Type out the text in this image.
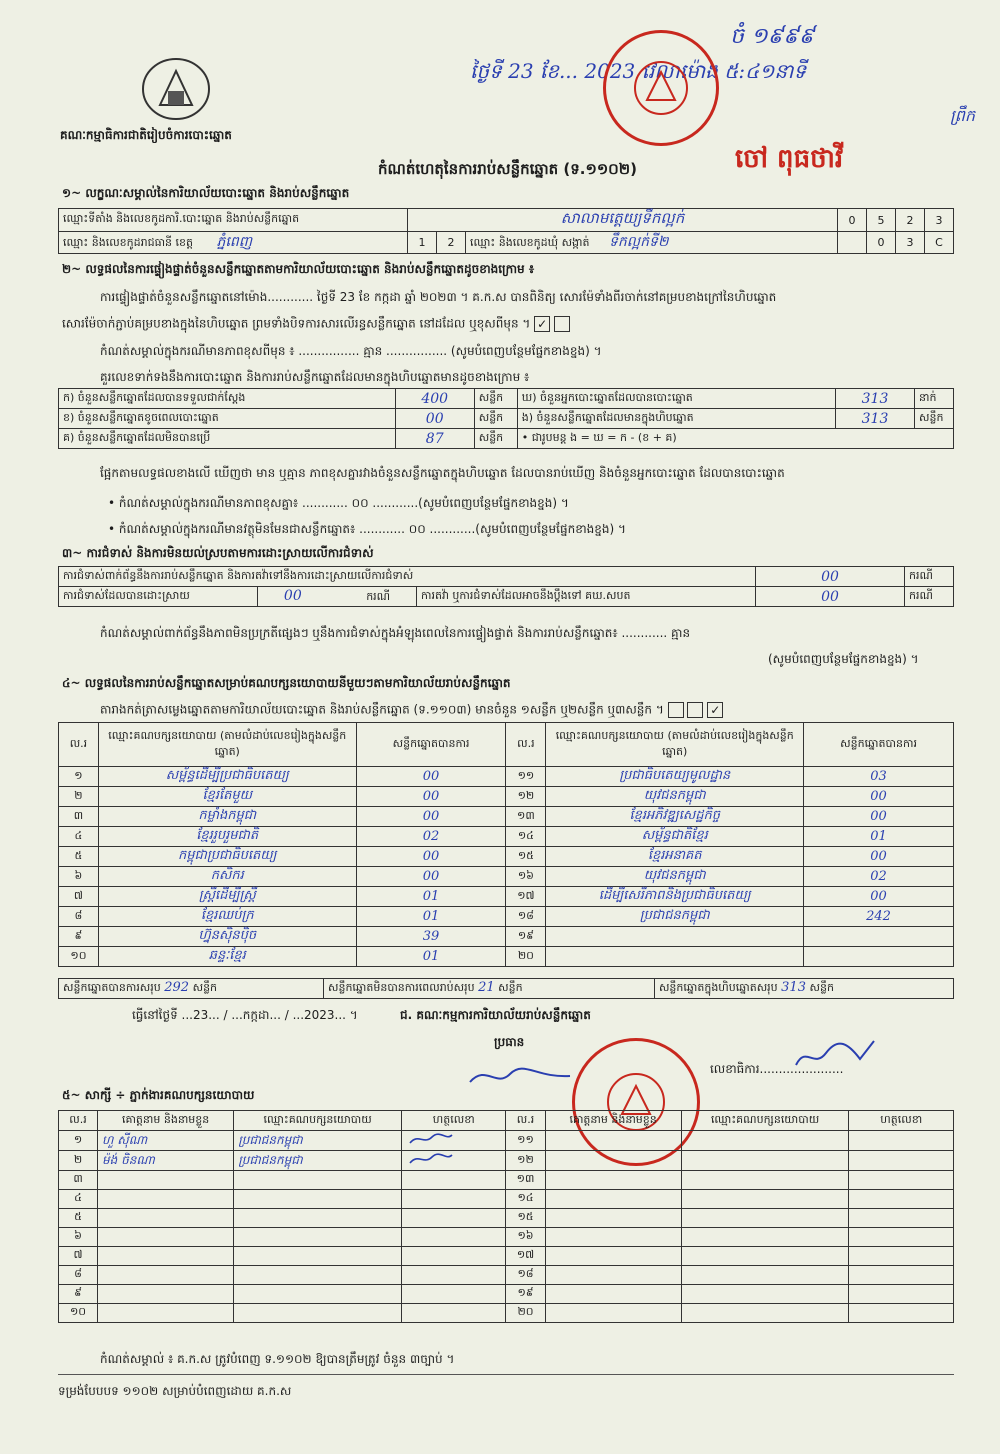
គណៈកម្មាធិការជាតិរៀបចំការបោះឆ្នោត
ថ្ងៃទី 23 ខែ... 2023 វេលាម៉ោង ៥:៤១នាទី
ចំ ១៩៩៩
ព្រឹក
ចៅ ពុធថាវី
កំណត់ហេតុនៃការរាប់សន្លឹកឆ្នោត (ទ.១១០២)
១~ លក្ខណៈសម្គាល់នៃការិយាល័យបោះឆ្នោត និងរាប់សន្លឹកឆ្នោត
ឈ្មោះទីតាំង និងលេខកូដការិ.បោះឆ្នោត និងរាប់សន្លឹកឆ្នោត	សាលាមត្តេយ្យទឹកល្អក់			0	5	2	3
ឈ្មោះ និងលេខកូដរាជធានី ខេត្ត ភ្នំពេញ	1	2	ឈ្មោះ និងលេខកូដឃុំ សង្កាត់ ទឹកល្អក់ទី២		0	3	C
២~ លទ្ធផលនៃការផ្ទៀងផ្ទាត់ចំនួនសន្លឹកឆ្នោតតាមការិយាល័យបោះឆ្នោត និងរាប់សន្លឹកឆ្នោតដូចខាងក្រោម ៖
ការផ្ទៀងផ្ទាត់ចំនួនសន្លឹកឆ្នោតនៅម៉ោង............ ថ្ងៃទី 23 ខែ កក្កដា ឆ្នាំ ២០២៣ ។ គ.ក.ស បានពិនិត្យ សោរម៉ែទាំងពីរចាក់នៅគម្របខាងក្រៅនៃហិបឆ្នោត
សោរម៉ែចាក់ភ្ជាប់គម្របខាងក្នុងនៃហិបឆ្នោត ព្រមទាំងបិទការសារលើរន្ធសន្លឹកឆ្នោត នៅដដែល ឬខុសពីមុន ។ ✓
កំណត់សម្គាល់ក្នុងករណីមានភាពខុសពីមុន ៖ ................ គ្មាន ................ (សូមបំពេញបន្ថែមផ្នែកខាងខ្នង) ។
គួរលេខទាក់ទងនឹងការបោះឆ្នោត និងការរាប់សន្លឹកឆ្នោតដែលមានក្នុងហិបឆ្នោតមានដូចខាងក្រោម ៖
ក) ចំនួនសន្លឹកឆ្នោតដែលបានទទួលជាក់ស្តែង	400	សន្លឹក	ឃ) ចំនួនអ្នកបោះឆ្នោតដែលបានបោះឆ្នោត	313	នាក់
ខ) ចំនួនសន្លឹកឆ្នោតខូចពេលបោះឆ្នោត	00	សន្លឹក	ង) ចំនួនសន្លឹកឆ្នោតដែលមានក្នុងហិបឆ្នោត	313	សន្លឹក
គ) ចំនួនសន្លឹកឆ្នោតដែលមិនបានប្រើ	87	សន្លឹក	• ជារូបមន្ត ង = ឃ = ក - (ខ + គ)		
ផ្អែកតាមលទ្ធផលខាងលើ ឃើញថា មាន ឬគ្មាន ភាពខុសគ្នារវាងចំនួនសន្លឹកឆ្នោតក្នុងហិបឆ្នោត ដែលបានរាប់ឃើញ និងចំនួនអ្នកបោះឆ្នោត ដែលបានបោះឆ្នោត
• កំណត់សម្គាល់ក្នុងករណីមានភាពខុសគ្នា៖ ............ ០០ ............(សូមបំពេញបន្ថែមផ្នែកខាងខ្នង) ។
• កំណត់សម្គាល់ក្នុងករណីមានវត្ថុមិនមែនជាសន្លឹកឆ្នោត៖ ............ ០០ ............(សូមបំពេញបន្ថែមផ្នែកខាងខ្នង) ។
៣~ ការជំទាស់ និងការមិនយល់ស្របតាមការដោះស្រាយលើការជំទាស់
ការជំទាស់ពាក់ព័ន្ធនឹងការរាប់សន្លឹកឆ្នោត និងការតវ៉ាទៅនឹងការដោះស្រាយលើការជំទាស់			00	ករណី
ការជំទាស់ដែលបានដោះស្រាយ	00 ករណី	ការតវ៉ា ឬការជំទាស់ដែលអាចនឹងប្តឹងទៅ គឃ.សបត	00	ករណី
កំណត់សម្គាល់ពាក់ព័ន្ធនឹងភាពមិនប្រក្រតីផ្សេងៗ ឬនឹងការជំទាស់ក្នុងអំឡុងពេលនៃការផ្ទៀងផ្ទាត់ និងការរាប់សន្លឹកឆ្នោត៖ ............ គ្មាន
(សូមបំពេញបន្ថែមផ្នែកខាងខ្នង) ។
៤~ លទ្ធផលនៃការរាប់សន្លឹកឆ្នោតសម្រាប់គណបក្សនយោបាយនីមួយៗតាមការិយាល័យរាប់សន្លឹកឆ្នោត
តារាងកត់ត្រាសម្លេងឆ្នោតតាមការិយាល័យបោះឆ្នោត និងរាប់សន្លឹកឆ្នោត (ទ.១១០៣) មានចំនួន ១សន្លឹក ឬ២សន្លឹក ឬ៣សន្លឹក ។	✓
ល.រ	ឈ្មោះគណបក្សនយោបាយ (តាមលំដាប់លេខរៀងក្នុងសន្លឹកឆ្នោត)	សន្លឹកឆ្នោតបានការ	ល.រ	ឈ្មោះគណបក្សនយោបាយ (តាមលំដាប់លេខរៀងក្នុងសន្លឹកឆ្នោត)	សន្លឹកឆ្នោតបានការ
១	សម្ព័ន្ធដើម្បីប្រជាធិបតេយ្យ	00	១១	ប្រជាធិបតេយ្យមូលដ្ឋាន	03
២	ខ្មែរតែមួយ	00	១២	យុវជនកម្ពុជា	00
៣	កម្លាំងកម្ពុជា	00	១៣	ខ្មែរអភិវឌ្ឍសេដ្ឋកិច្ច	00
៤	ខ្មែររួបរួមជាតិ	02	១៤	សម្ព័ន្ធជាតិខ្មែរ	01
៥	កម្ពុជាប្រជាធិបតេយ្យ	00	១៥	ខ្មែរអនាគត	00
៦	កសិករ	00	១៦	យុវជនកម្ពុជា	02
៧	ស្ត្រីដើម្បីស្ត្រី	01	១៧	ដើម្បីសេរីភាពនិងប្រជាធិបតេយ្យ	00
៨	ខ្មែរឈប់ក្រ	01	១៨	ប្រជាជនកម្ពុជា	242
៩	ហ្វ៊ុនស៊ិនប៉ិច	39	១៩		
១០	ឆន្ទៈខ្មែរ	01	២០		
សន្លឹកឆ្នោតបានការសរុប 292 សន្លឹក	សន្លឹកឆ្នោតមិនបានការពេលរាប់សរុប 21 សន្លឹក	សន្លឹកឆ្នោតក្នុងហិបឆ្នោតសរុប 313 សន្លឹក
ធ្វើនៅថ្ងៃទី ...23... / ...កក្កដា... / ...2023... ។	ជ. គណៈកម្មការការិយាល័យរាប់សន្លឹកឆ្នោត
ប្រធាន
លេខាធិការ......................
៥~ សាក្សី ÷ ភ្នាក់ងារគណបក្សនយោបាយ
ល.រ	គោត្តនាម និងនាមខ្លួន	ឈ្មោះគណបក្សនយោបាយ	ហត្ថលេខា	ល.រ	គោត្តនាម និងនាមខ្លួន	ឈ្មោះគណបក្សនយោបាយ	ហត្ថលេខា
១	ហួ ស៊ីណា	ប្រជាជនកម្ពុជា		១១			
២	ម៉ង់ ចិនណា	ប្រជាជនកម្ពុជា		១២			
៣				១៣			
៤				១៤			
៥				១៥			
៦				១៦			
៧				១៧			
៨				១៨			
៩				១៩			
១០				២០			
កំណត់សម្គាល់ ៖ គ.ក.ស ត្រូវបំពេញ ទ.១១០២ ឱ្យបានត្រឹមត្រូវ ចំនួន ៣ច្បាប់ ។
ទម្រង់បែបបទ ១១០២ សម្រាប់បំពេញដោយ គ.ក.ស
